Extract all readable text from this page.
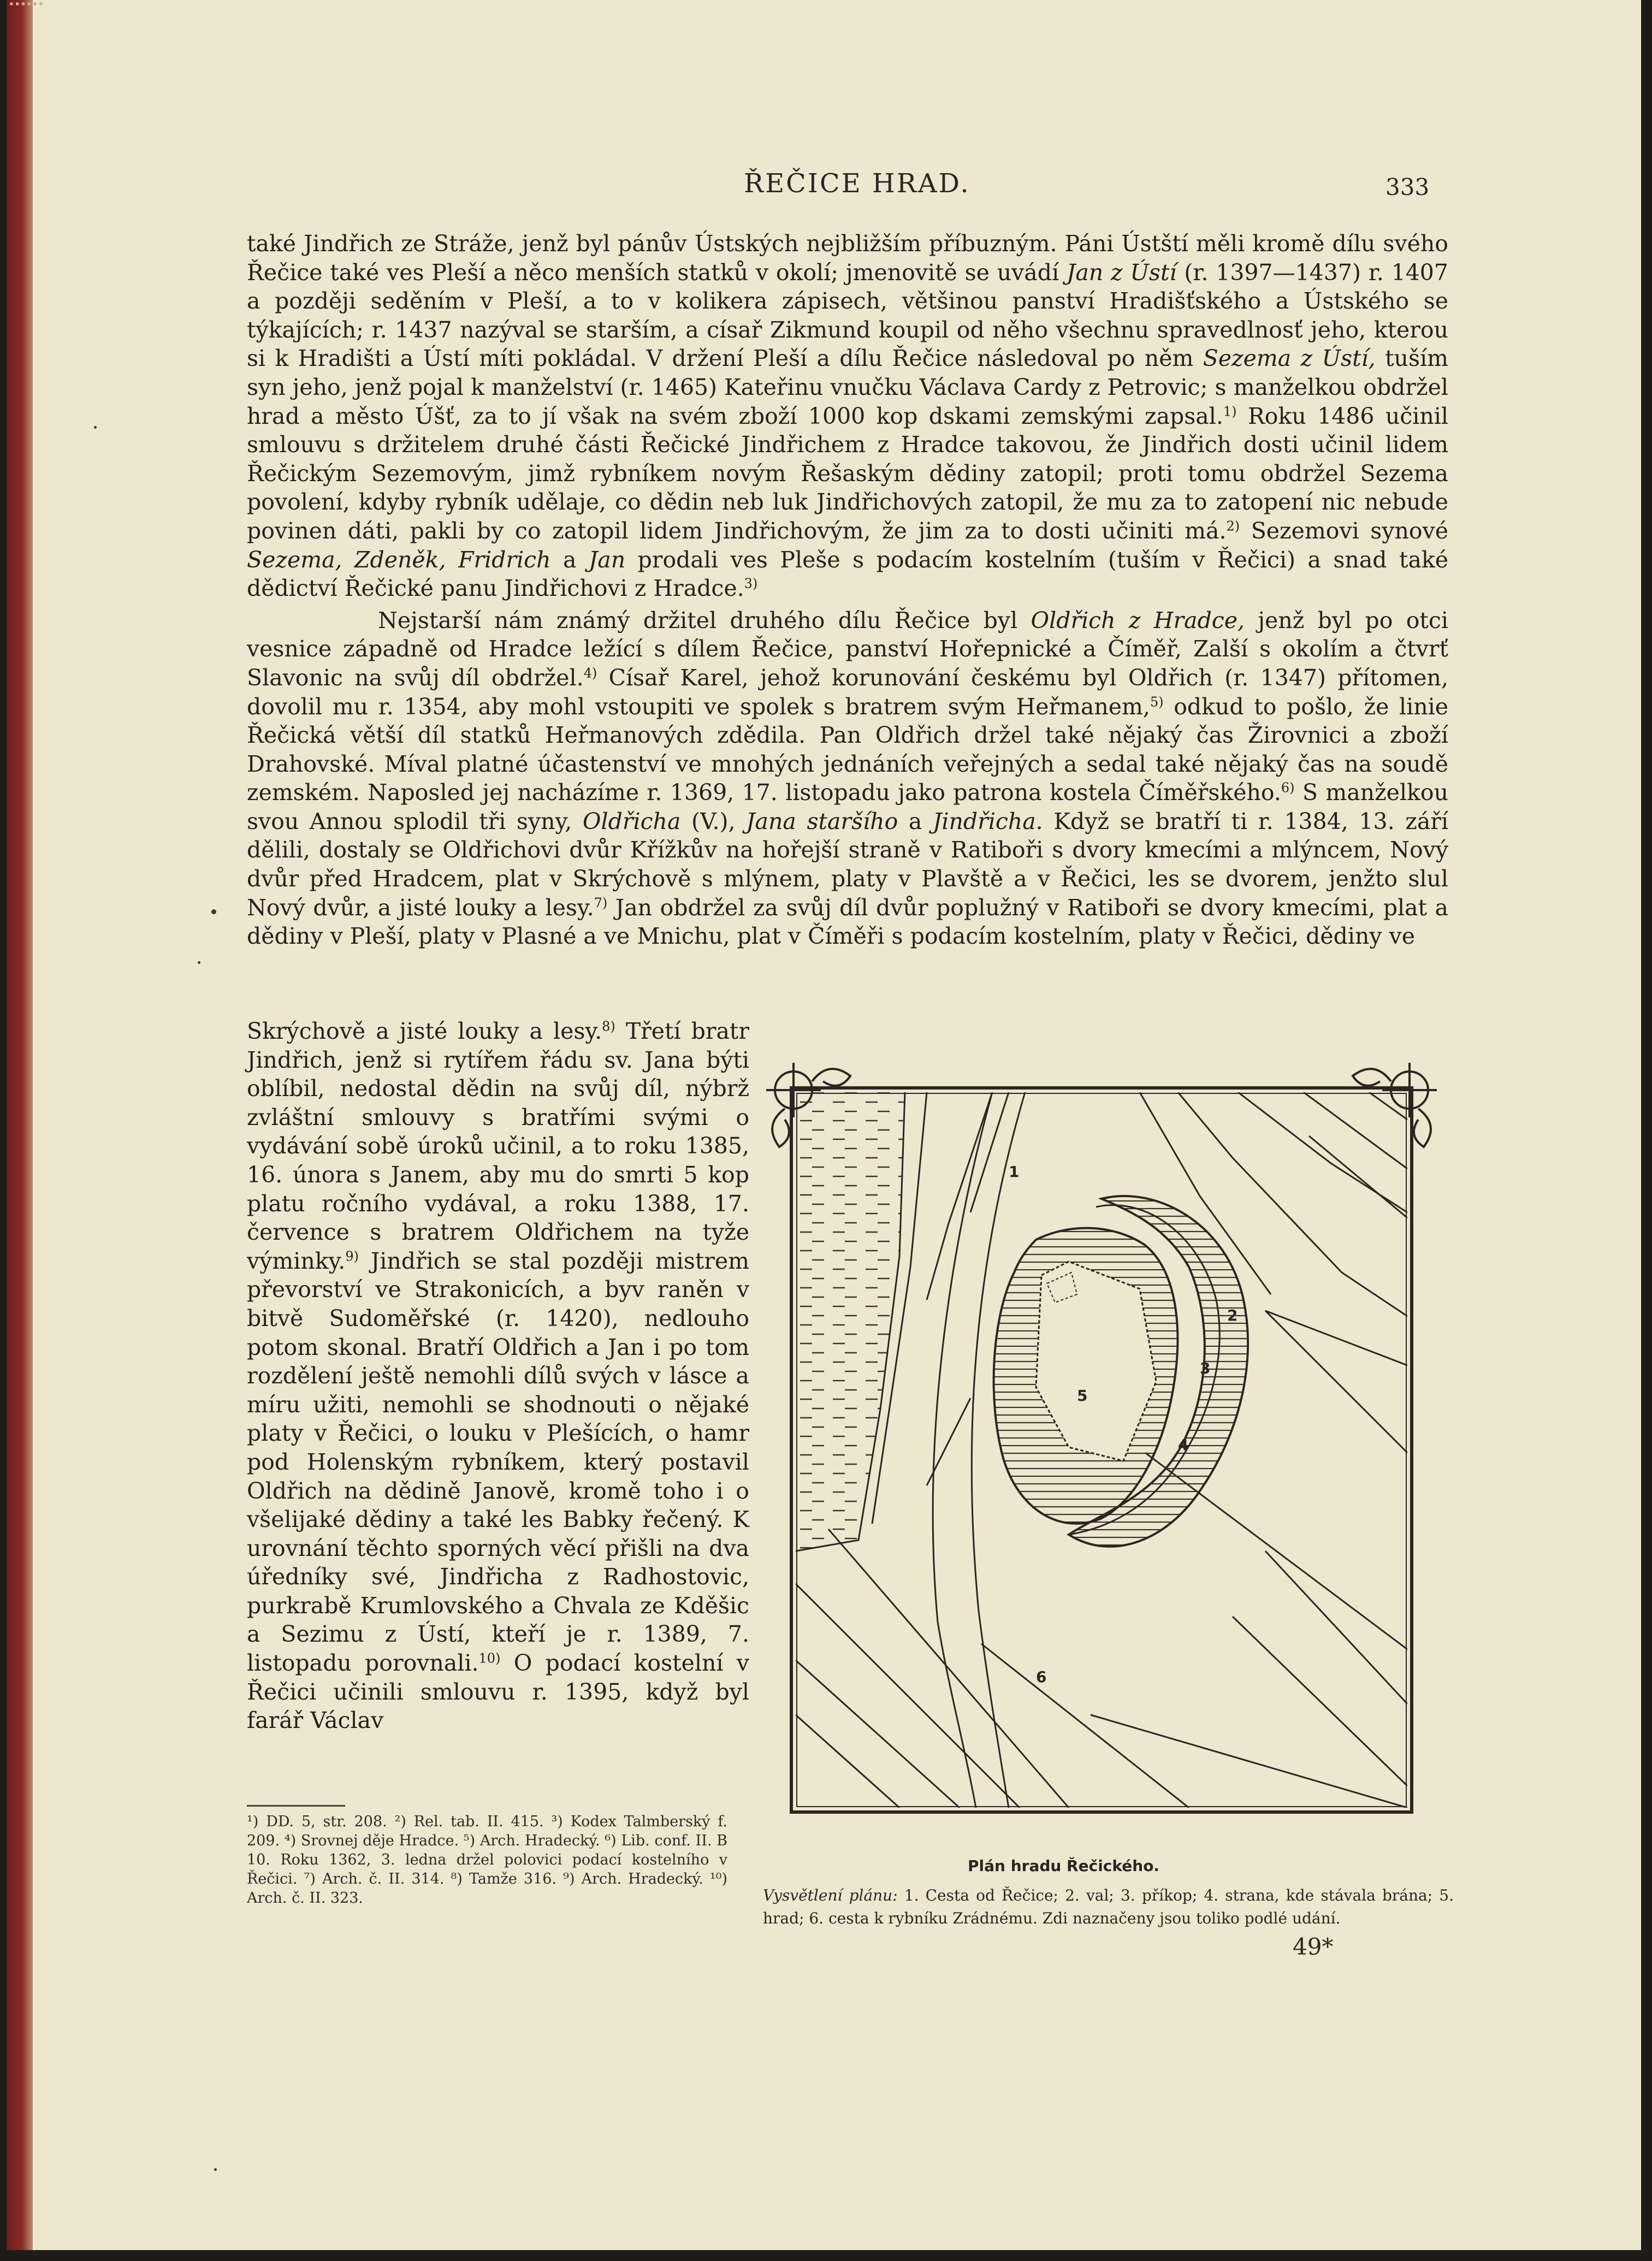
ŘEČICE HRAD.	333

také Jindřich ze Stráže, jenž byl pánův Ústských nejbližším příbuzným. Páni Ústští měli kromě dílu svého Řečice také ves Pleší a něco menších statků v okolí; jmenovitě se uvádí Jan z Ústí (r. 1397—1437) r. 1407 a později seděním v Pleší, a to v kolikera zápisech, většinou panství Hradišťského a Ústského se týkajících; r. 1437 nazýval se starším, a císař Zikmund koupil od něho všechnu spravedlnosť jeho, kterou si k Hradišti a Ústí míti pokládal. V držení Pleší a dílu Řečice následoval po něm Sezema z Ústí, tuším syn jeho, jenž pojal k manželství (r. 1465) Kateřinu vnučku Václava Cardy z Petrovic; s manželkou obdržel hrad a město Úšť, za to jí však na svém zboží 1000 kop dskami zemskými zapsal.$^{1)}$ Roku 1486 učinil smlouvu s držitelem druhé části Řečické Jindřichem z Hradce takovou, že Jindřich dosti učinil lidem Řečickým Sezemovým, jimž rybníkem novým Řešaským dědiny zatopil; proti tomu obdržel Sezema povolení, kdyby rybník udělaje, co dědin neb luk Jindřichových zatopil, že mu za to zatopení nic nebude povinen dáti, pakli by co zatopil lidem Jindřichovým, že jim za to dosti učiniti má.$^{2)}$ Sezemovi synové Sezema, Zdeněk, Fridrich a Jan prodali ves Pleše s podacím kostelním (tuším v Řečici) a snad také dědictví Řečické panu Jindřichovi z Hradce.$^{3)}$

Nejstarší nám známý držitel druhého dílu Řečice byl Oldřich z Hradce, jenž byl po otci vesnice západně od Hradce ležící s dílem Řečice, panství Hořepnické a Číměř, Zalší s okolím a čtvrť Slavonic na svůj díl obdržel.$^{4)}$ Císař Karel, jehož korunování českému byl Oldřich (r. 1347) přítomen, dovolil mu r. 1354, aby mohl vstoupiti ve spolek s bratrem svým Heřmanem,$^{5)}$ odkud to pošlo, že linie Řečická větší díl statků Heřmanových zdědila. Pan Oldřich držel také nějaký čas Žirovnici a zboží Drahovské. Míval platné účastenství ve mnohých jednáních veřejných a sedal také nějaký čas na soudě zemském. Naposled jej nacházíme r. 1369, 17. listopadu jako patrona kostela Číměřského.$^{6)}$ S manželkou svou Annou splodil tři syny, Oldřicha (V.), Jana staršího a Jindřicha. Když se bratří ti r. 1384, 13. září dělili, dostaly se Oldřichovi dvůr Křížkův na hořejší straně v Ratiboři s dvory kmecími a mlýncem, Nový dvůr před Hradcem, plat v Skrýchově s mlýnem, platy v Plavště a v Řečici, les se dvorem, jenžto slul Nový dvůr, a jisté louky a lesy.$^{7)}$ Jan obdržel za svůj díl dvůr poplužný v Ratiboři se dvory kmecími, plat a dědiny v Pleší, platy v Plasné a ve Mnichu, plat v Číměři s podacím kostelním, platy v Řečici, dědiny ve

Skrýchově a jisté louky a lesy.$^{8)}$ Třetí bratr Jindřich, jenž si rytířem řádu sv. Jana býti oblíbil, nedostal dědin na svůj díl, nýbrž zvláštní smlouvy s bratřími svými o vydávání sobě úroků učinil, a to roku 1385, 16. února s Janem, aby mu do smrti 5 kop platu ročního vydával, a roku 1388, 17. července s bratrem Oldřichem na tyže výminky.$^{9)}$ Jindřich se stal později mistrem převorství ve Strakonicích, a byv raněn v bitvě Sudoměřské (r. 1420), nedlouho potom skonal. Bratří Oldřich a Jan i po tom rozdělení ještě nemohli dílů svých v lásce a míru užiti, nemohli se shodnouti o nějaké platy v Řečici, o louku v Plešících, o hamr pod Holenským rybníkem, který postavil Oldřich na dědině Janově, kromě toho i o všelijaké dědiny a také les Babky řečený. K urovnání těchto sporných věcí přišli na dva úředníky své, Jindřicha z Radhostovic, purkrabě Krumlovského a Chvala ze Kděšic a Sezimu z Ústí, kteří je r. 1389, 7. listopadu porovnali.$^{10)}$ O podací kostelní v Řečici učinili smlouvu r. 1395, když byl farář Václav

¹) DD. 5, str. 208. ²) Rel. tab. II. 415. ³) Kodex Talmberský f. 209. ⁴) Srovnej děje Hradce. ⁵) Arch. Hradecký. ⁶) Lib. conf. II. B 10. Roku 1362, 3. ledna držel polovici podací kostelního v Řečici. ⁷) Arch. č. II. 314. ⁸) Tamže 316. ⁹) Arch. Hradecký. ¹⁰) Arch. č. II. 323.

1
2
3
4
5
6
Plán hradu Řečického.

Vysvětlení plánu: 1. Cesta od Řečice; 2. val; 3. příkop; 4. strana, kde stávala brána; 5. hrad; 6. cesta k rybníku Zrádnému. Zdi naznačeny jsou toliko podlé udání.

49*
